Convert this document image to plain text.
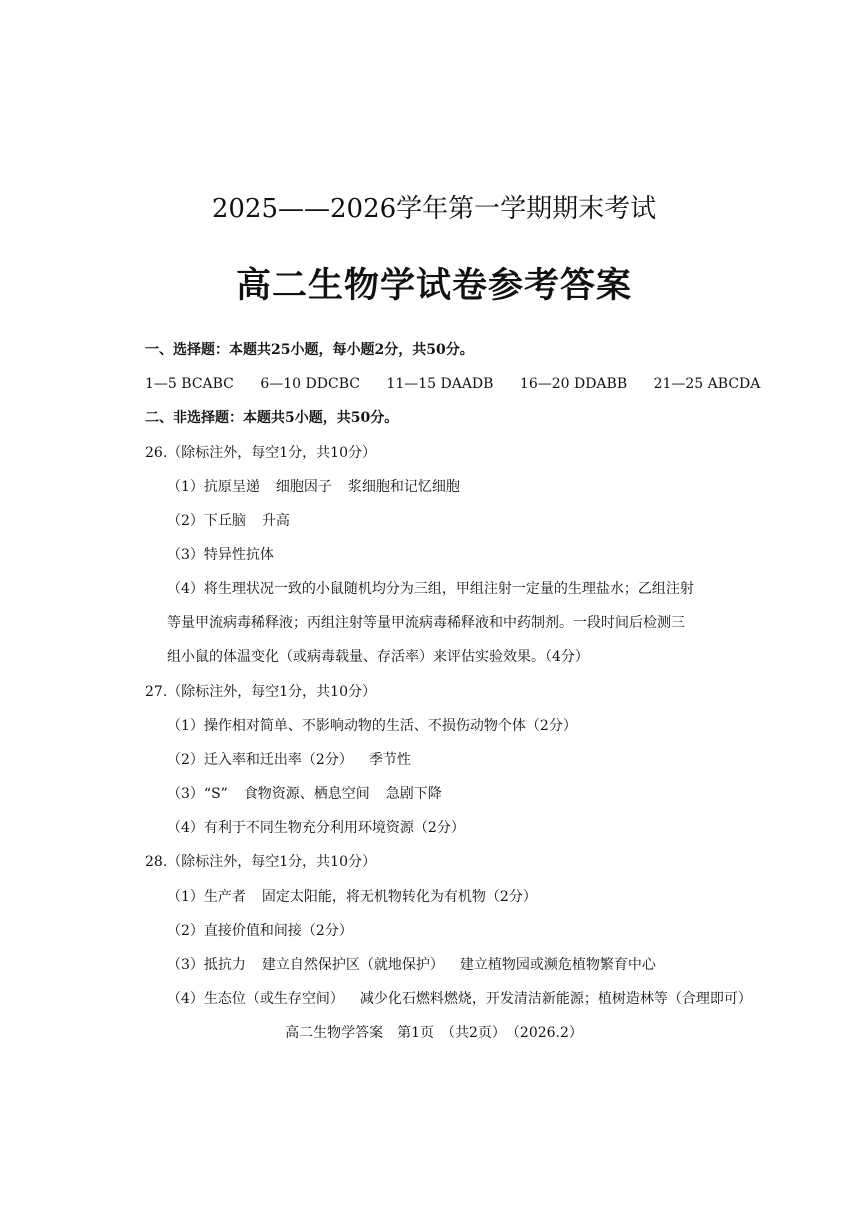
2025——2026学年第一学期期末考试
高二生物学试卷参考答案
一、选择题：本题共25小题，每小题2分，共50分。
1—5 BCABC 6—10 DDCBC 11—15 DAADB 16—20 DDABB 21—25 ABCDA
二、非选择题：本题共5小题，共50分。
26.（除标注外，每空1分，共10分）
（1）抗原呈递 细胞因子 浆细胞和记忆细胞
（2）下丘脑 升高
（3）特异性抗体
（4）将生理状况一致的小鼠随机均分为三组，甲组注射一定量的生理盐水；乙组注射
等量甲流病毒稀释液；丙组注射等量甲流病毒稀释液和中药制剂。一段时间后检测三
组小鼠的体温变化（或病毒载量、存活率）来评估实验效果。（4分）
27.（除标注外，每空1分，共10分）
（1）操作相对简单、不影响动物的生活、不损伤动物个体（2分）
（2）迁入率和迁出率（2分） 季节性
（3）“S” 食物资源、栖息空间 急剧下降
（4）有利于不同生物充分利用环境资源（2分）
28.（除标注外，每空1分，共10分）
（1）生产者 固定太阳能，将无机物转化为有机物（2分）
（2）直接价值和间接（2分）
（3）抵抗力 建立自然保护区（就地保护） 建立植物园或濒危植物繁育中心
（4）生态位（或生存空间） 减少化石燃料燃烧，开发清洁新能源；植树造林等（合理即可）
高二生物学答案　第1页　（共2页）　（2026.2）
